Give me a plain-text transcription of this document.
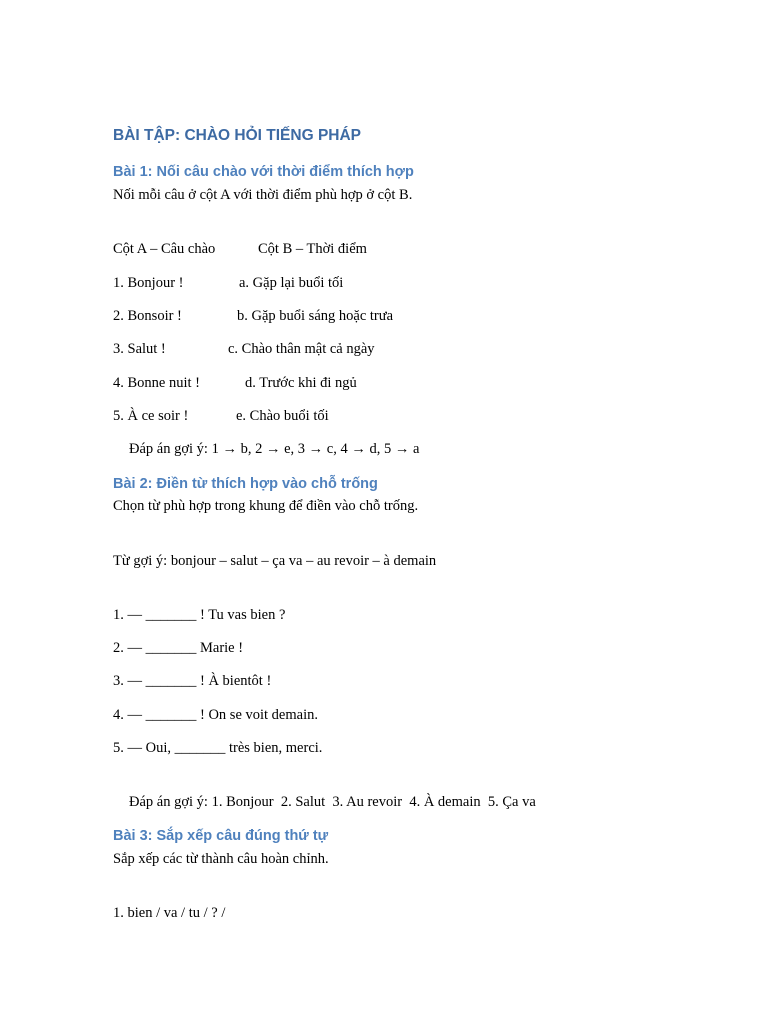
BÀI TẬP: CHÀO HỎI TIẾNG PHÁP
Bài 1: Nối câu chào với thời điểm thích hợp
Nối mỗi câu ở cột A với thời điểm phù hợp ở cột B.
Cột A – Câu chào	Cột B – Thời điểm
1. Bonjour !	a. Gặp lại buổi tối
2. Bonsoir !	b. Gặp buổi sáng hoặc trưa
3. Salut !	c. Chào thân mật cả ngày
4. Bonne nuit !	d. Trước khi đi ngủ
5. À ce soir !	e. Chào buổi tối
Đáp án gợi ý: 1 → b, 2 → e, 3 → c, 4 → d, 5 → a
Bài 2: Điền từ thích hợp vào chỗ trống
Chọn từ phù hợp trong khung để điền vào chỗ trống.
Từ gợi ý: bonjour – salut – ça va – au revoir – à demain
1. — _______ ! Tu vas bien ?
2. — _______ Marie !
3. — _______ ! À bientôt !
4. — _______ ! On se voit demain.
5. — Oui, _______ très bien, merci.
Đáp án gợi ý: 1. Bonjour  2. Salut  3. Au revoir  4. À demain  5. Ça va
Bài 3: Sắp xếp câu đúng thứ tự
Sắp xếp các từ thành câu hoàn chỉnh.
1. bien / va / tu / ? /
